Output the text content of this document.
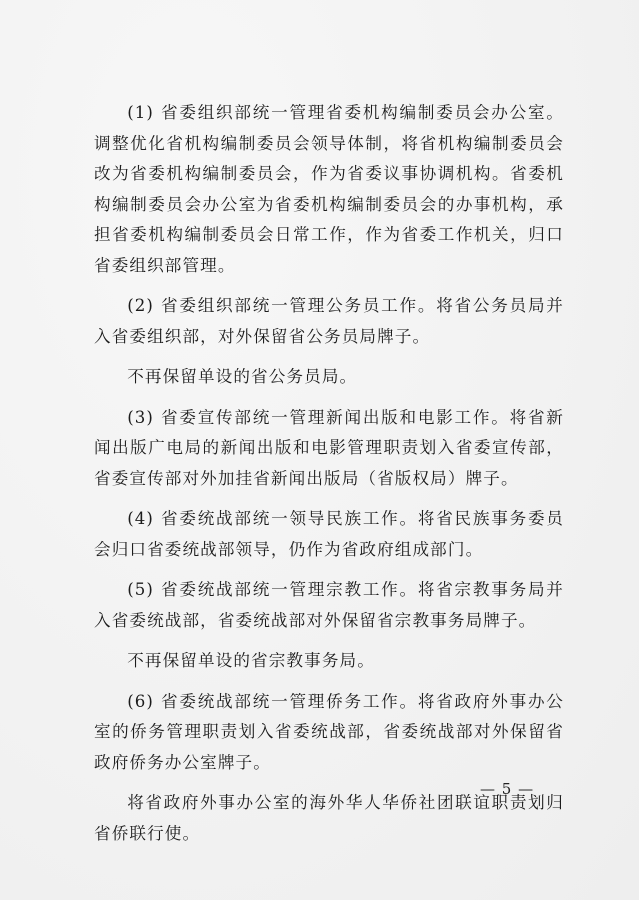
(1) 省委组织部统一管理省委机构编制委员会办公室。调整优化省机构编制委员会领导体制，将省机构编制委员会改为省委机构编制委员会，作为省委议事协调机构。省委机构编制委员会办公室为省委机构编制委员会的办事机构，承担省委机构编制委员会日常工作，作为省委工作机关，归口省委组织部管理。

(2) 省委组织部统一管理公务员工作。将省公务员局并入省委组织部，对外保留省公务员局牌子。

不再保留单设的省公务员局。

(3) 省委宣传部统一管理新闻出版和电影工作。将省新闻出版广电局的新闻出版和电影管理职责划入省委宣传部，省委宣传部对外加挂省新闻出版局（省版权局）牌子。

(4) 省委统战部统一领导民族工作。将省民族事务委员会归口省委统战部领导，仍作为省政府组成部门。

(5) 省委统战部统一管理宗教工作。将省宗教事务局并入省委统战部，省委统战部对外保留省宗教事务局牌子。

不再保留单设的省宗教事务局。

(6) 省委统战部统一管理侨务工作。将省政府外事办公室的侨务管理职责划入省委统战部，省委统战部对外保留省政府侨务办公室牌子。

将省政府外事办公室的海外华人华侨社团联谊职责划归省侨联行使。

— 5 —
